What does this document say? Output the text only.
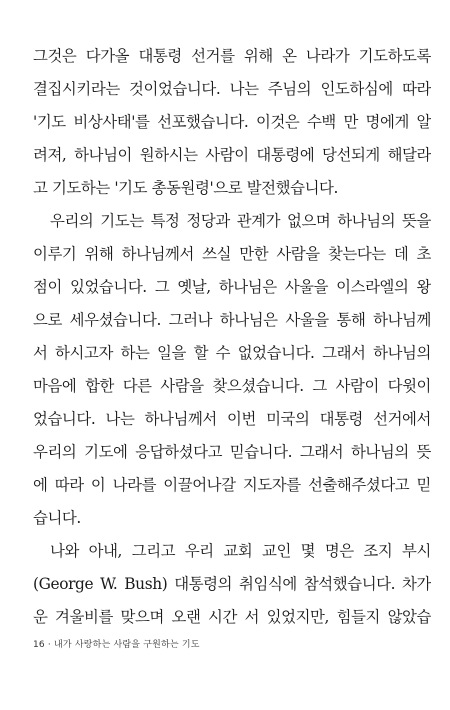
그것은 다가올 대통령 선거를 위해 온 나라가 기도하도록
결집시키라는 것이었습니다. 나는 주님의 인도하심에 따라
'기도 비상사태'를 선포했습니다. 이것은 수백 만 명에게 알
려져, 하나님이 원하시는 사람이 대통령에 당선되게 해달라
고 기도하는 '기도 총동원령'으로 발전했습니다.
우리의 기도는 특정 정당과 관계가 없으며 하나님의 뜻을
이루기 위해 하나님께서 쓰실 만한 사람을 찾는다는 데 초
점이 있었습니다. 그 옛날, 하나님은 사울을 이스라엘의 왕
으로 세우셨습니다. 그러나 하나님은 사울을 통해 하나님께
서 하시고자 하는 일을 할 수 없었습니다. 그래서 하나님의
마음에 합한 다른 사람을 찾으셨습니다. 그 사람이 다윗이
었습니다. 나는 하나님께서 이번 미국의 대통령 선거에서
우리의 기도에 응답하셨다고 믿습니다. 그래서 하나님의 뜻
에 따라 이 나라를 이끌어나갈 지도자를 선출해주셨다고 믿
습니다.
나와 아내, 그리고 우리 교회 교인 몇 명은 조지 부시
(George W. Bush) 대통령의 취임식에 참석했습니다. 차가
운 겨울비를 맞으며 오랜 시간 서 있었지만, 힘들지 않았습
16 · 내가 사랑하는 사람을 구원하는 기도
